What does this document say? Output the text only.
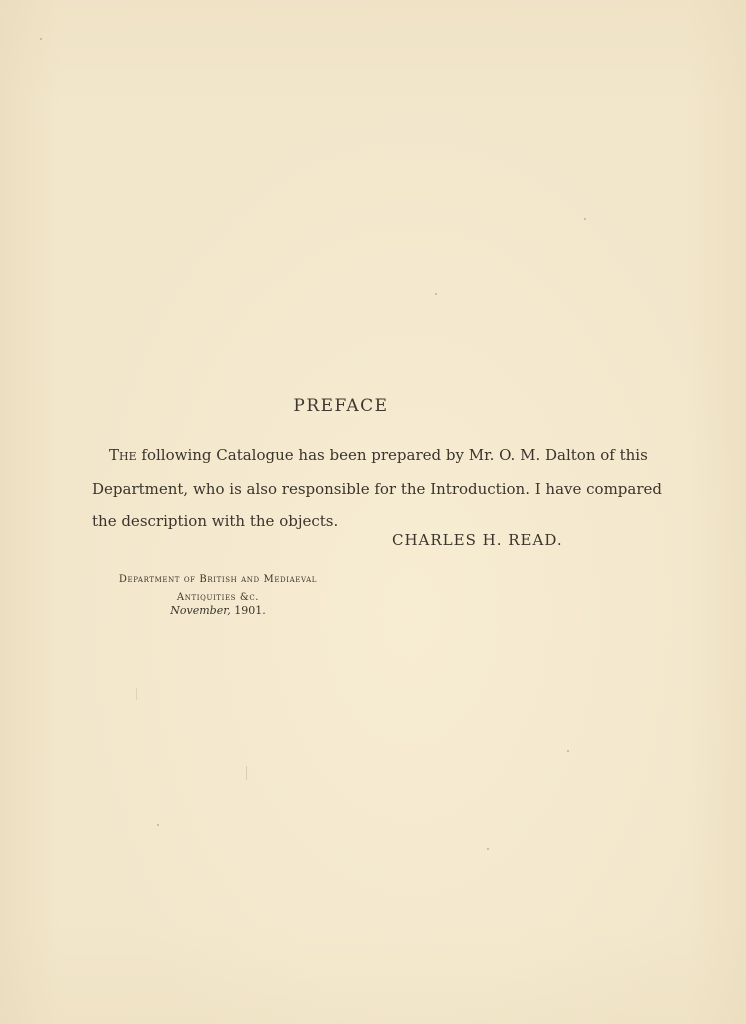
PREFACE
THE following Catalogue has been prepared by Mr. O. M. Dalton of this
Department, who is also responsible for the Introduction. I have compared
the description with the objects.
CHARLES H. READ.
Department of British and Mediaeval
Antiquities &c.
November, 1901.
